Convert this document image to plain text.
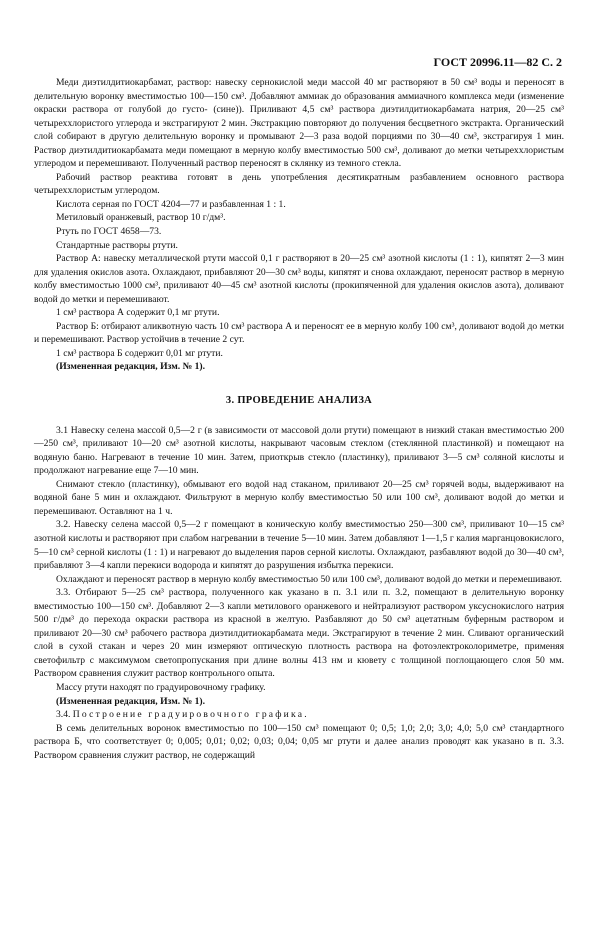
ГОСТ 20996.11—82 С. 2

Меди диэтилдитиокарбамат, раствор: навеску сернокислой меди массой 40 мг растворяют в 50 см³ воды и переносят в делительную воронку вместимостью 100—150 см³. Добавляют аммиак до образования аммиачного комплекса меди (изменение окраски раствора от голубой до густо- (сине)). Приливают 4,5 см³ раствора диэтилдитиокарбамата натрия, 20—25 см³ четыреххлористого углерода и экстрагируют 2 мин. Экстракцию повторяют до получения бесцветного экстракта. Органический слой собирают в другую делительную воронку и промывают 2—3 раза водой порциями по 30—40 см³, экстрагируя 1 мин. Раствор диэтилдитиокарбамата меди помещают в мерную колбу вместимостью 500 см³, доливают до метки четыреххлористым углеродом и перемешивают. Полученный раствор переносят в склянку из темного стекла.

Рабочий раствор реактива готовят в день употребления десятикратным разбавлением основного раствора четыреххлористым углеродом.

Кислота серная по ГОСТ 4204—77 и разбавленная 1 : 1.

Метиловый оранжевый, раствор 10 г/дм³.

Ртуть по ГОСТ 4658—73.

Стандартные растворы ртути.

Раствор А: навеску металлической ртути массой 0,1 г растворяют в 20—25 см³ азотной кислоты (1 : 1), кипятят 2—3 мин для удаления окислов азота. Охлаждают, прибавляют 20—30 см³ воды, кипятят и снова охлаждают, переносят раствор в мерную колбу вместимостью 1000 см³, приливают 40—45 см³ азотной кислоты (прокипяченной для удаления окислов азота), доливают водой до метки и перемешивают.

1 см³ раствора А содержит 0,1 мг ртути.

Раствор Б: отбирают аликвотную часть 10 см³ раствора А и переносят ее в мерную колбу 100 см³, доливают водой до метки и перемешивают. Раствор устойчив в течение 2 сут.

1 см³ раствора Б содержит 0,01 мг ртути.

(Измененная редакция, Изм. № 1).

3. ПРОВЕДЕНИЕ АНАЛИЗА

3.1 Навеску селена массой 0,5—2 г (в зависимости от массовой доли ртути) помещают в низкий стакан вместимостью 200—250 см³, приливают 10—20 см³ азотной кислоты, накрывают часовым стеклом (стеклянной пластинкой) и помещают на водяную баню. Нагревают в течение 10 мин. Затем, приоткрыв стекло (пластинку), приливают 3—5 см³ соляной кислоты и продолжают нагревание еще 7—10 мин.

Снимают стекло (пластинку), обмывают его водой над стаканом, приливают 20—25 см³ горячей воды, выдерживают на водяной бане 5 мин и охлаждают. Фильтруют в мерную колбу вместимостью 50 или 100 см³, доливают водой до метки и перемешивают. Оставляют на 1 ч.

3.2. Навеску селена массой 0,5—2 г помещают в коническую колбу вместимостью 250—300 см³, приливают 10—15 см³ азотной кислоты и растворяют при слабом нагревании в течение 5—10 мин. Затем добавляют 1—1,5 г калия марганцовокислого, 5—10 см³ серной кислоты (1 : 1) и нагревают до выделения паров серной кислоты. Охлаждают, разбавляют водой до 30—40 см³, прибавляют 3—4 капли перекиси водорода и кипятят до разрушения избытка перекиси.

Охлаждают и переносят раствор в мерную колбу вместимостью 50 или 100 см³, доливают водой до метки и перемешивают.

3.3. Отбирают 5—25 см³ раствора, полученного как указано в п. 3.1 или п. 3.2, помещают в делительную воронку вместимостью 100—150 см³. Добавляют 2—3 капли метилового оранжевого и нейтрализуют раствором уксуснокислого натрия 500 г/дм³ до перехода окраски раствора из красной в желтую. Разбавляют до 50 см³ ацетатным буферным раствором и приливают 20—30 см³ рабочего раствора диэтилдитиокарбамата меди. Экстрагируют в течение 2 мин. Сливают органический слой в сухой стакан и через 20 мин измеряют оптическую плотность раствора на фотоэлектроколориметре, применяя светофильтр с максимумом светопропускания при длине волны 413 нм и кювету с толщиной поглощающего слоя 50 мм. Раствором сравнения служит раствор контрольного опыта.

Массу ртути находят по градуировочному графику.

(Измененная редакция, Изм. № 1).

3.4. Построение градуировочного графика.

В семь делительных воронок вместимостью по 100—150 см³ помещают 0; 0,5; 1,0; 2,0; 3,0; 4,0; 5,0 см³ стандартного раствора Б, что соответствует 0; 0,005; 0,01; 0,02; 0,03; 0,04; 0,05 мг ртути и далее анализ проводят как указано в п. 3.3. Раствором сравнения служит раствор, не содержащий
